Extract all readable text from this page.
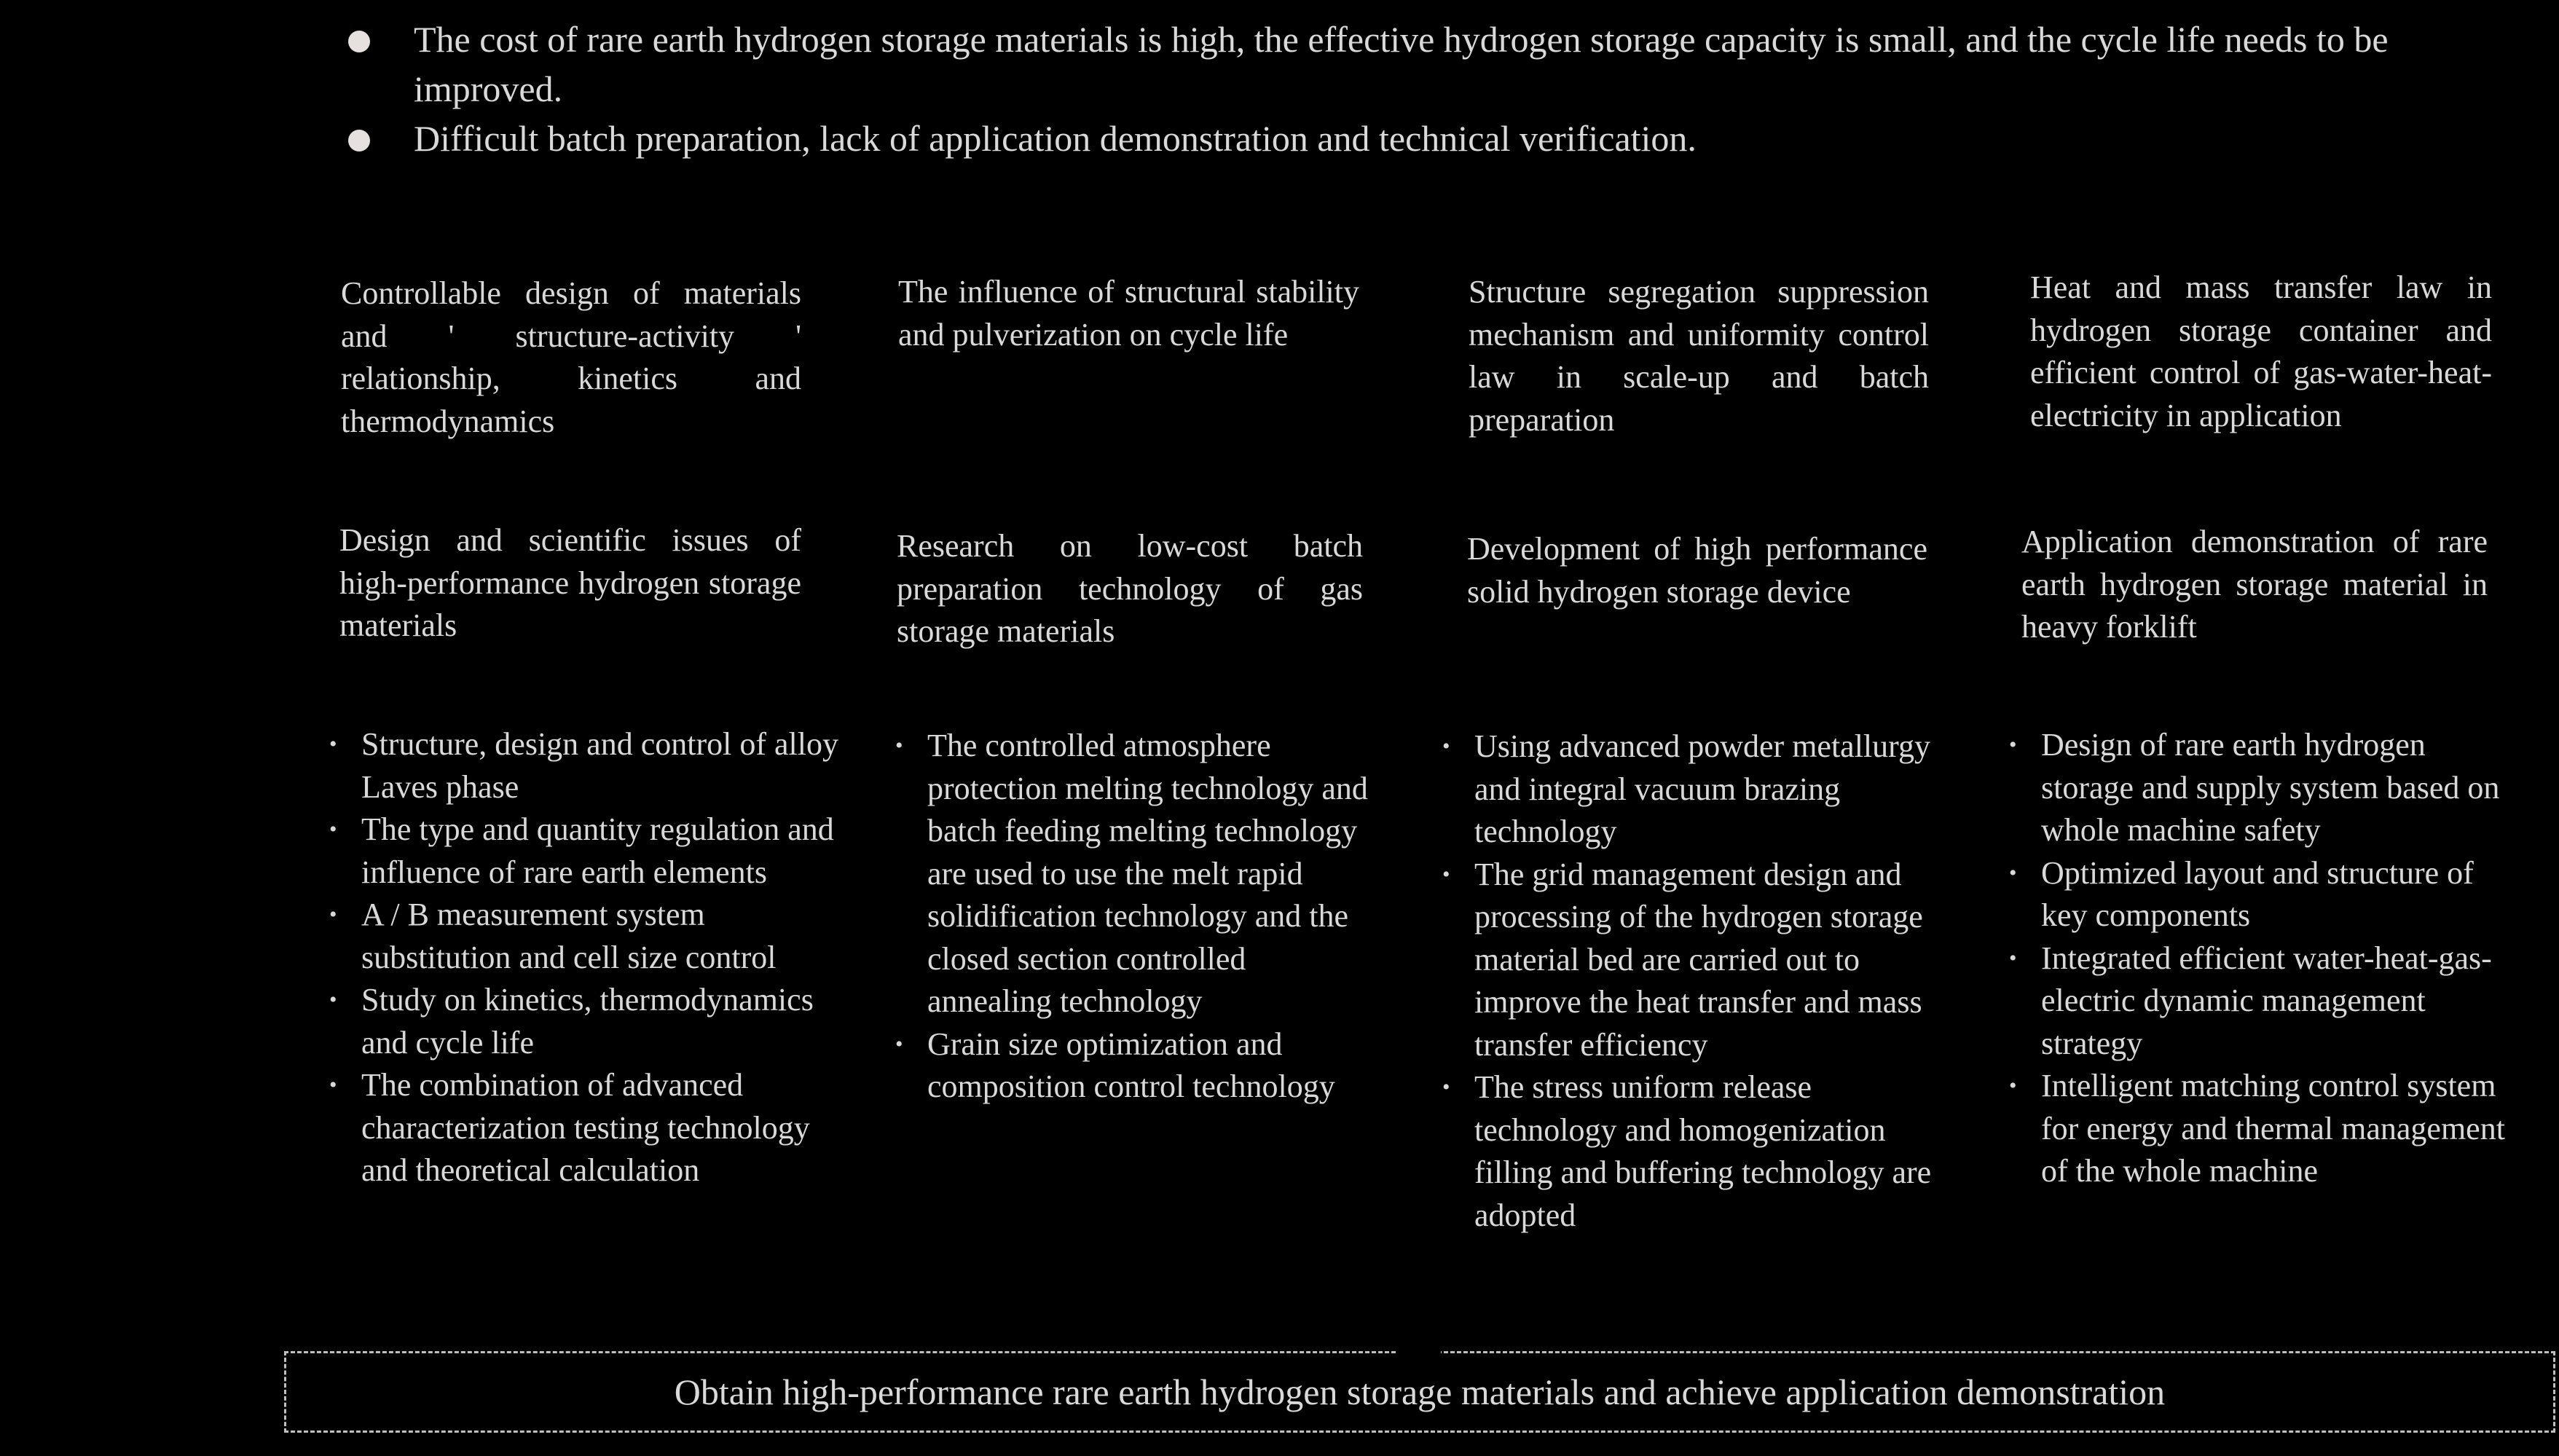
The cost of rare earth hydrogen storage materials is high, the effective hydrogen storage capacity is small, and the cycle life needs to be improved.
Difficult batch preparation, lack of application demonstration and technical verification.
Controllable design of materials and ' structure-activity ' relationship, kinetics and thermodynamics
The influence of structural stability and pulverization on cycle life
Structure segregation suppression mechanism and uniformity control law in scale-up and batch preparation
Heat and mass transfer law in hydrogen storage container and efficient control of gas-water-heat-electricity in application
Design and scientific issues of high-performance hydrogen storage materials
Research on low-cost batch preparation technology of gas storage materials
Development of high performance solid hydrogen storage device
Application demonstration of rare earth hydrogen storage material in heavy forklift
• Structure, design and control of alloy Laves phase
• The type and quantity regulation and influence of rare earth elements
• A / B measurement system substitution and cell size control
• Study on kinetics, thermodynamics and cycle life
• The combination of advanced characterization testing technology and theoretical calculation
• The controlled atmosphere protection melting technology and batch feeding melting technology are used to use the melt rapid solidification technology and the closed section controlled annealing technology
• Grain size optimization and composition control technology
• Using advanced powder metallurgy and integral vacuum brazing technology
• The grid management design and processing of the hydrogen storage material bed are carried out to improve the heat transfer and mass transfer efficiency
• The stress uniform release technology and homogenization filling and buffering technology are adopted
• Design of rare earth hydrogen storage and supply system based on whole machine safety
• Optimized layout and structure of key components
• Integrated efficient water-heat-gas-electric dynamic management strategy
• Intelligent matching control system for energy and thermal management of the whole machine
Obtain high-performance rare earth hydrogen storage materials and achieve application demonstration
